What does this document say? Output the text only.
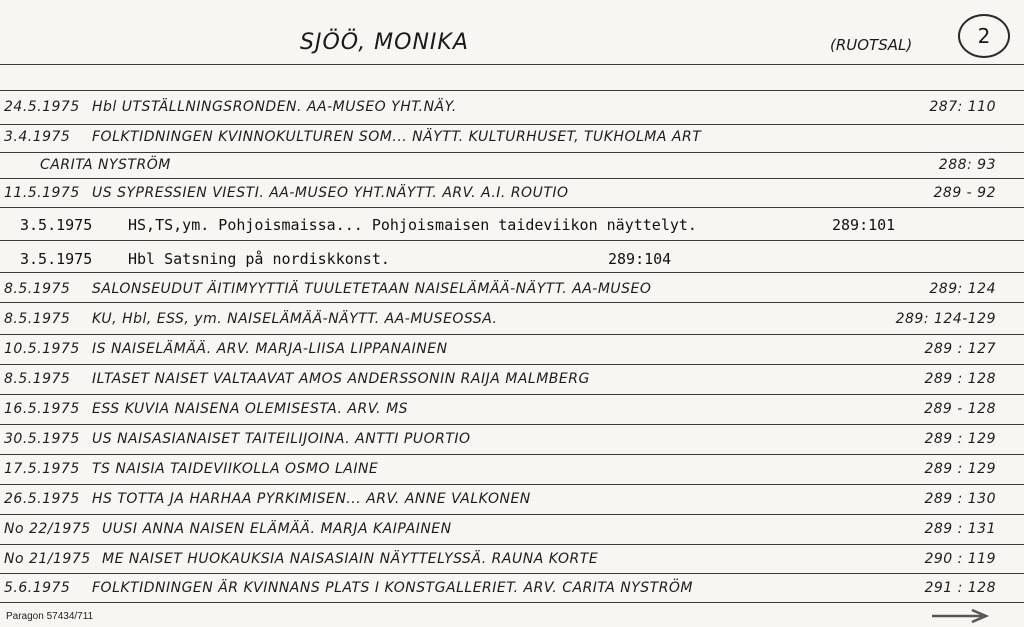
SJÖÖ, MONIKA	(RUOTSAL)	2
24.5.1975 Hbl UTSTÄLLNINGSRONDEN. AA-MUSEO YHT.NÄY.	287: 110
3.4.1975 FOLKTIDNINGEN KVINNOKULTUREN SOM... NÄYTT. KULTURHUSET, TUKHOLMA ART
CARITA NYSTRÖM	288: 93
11.5.1975 US SYPRESSIEN VIESTI. AA-MUSEO YHT.NÄYTT. ARV. A.I. ROUTIO	289 - 92
3.5.1975 HS,TS,ym. Pohjoismaissa... Pohjoismaisen taideviikon näyttelyt.	289:101
3.5.1975 Hbl Satsning på nordiskkonst.	289:104
8.5.1975 SALONSEUDUT ÄITIMYYTTIÄ TUULETETAAN NAISELÄMÄÄ-NÄYTT. AA-MUSEO	289: 124
8.5.1975 KU, Hbl, ESS, ym. NAISELÄMÄÄ-NÄYTT. AA-MUSEOSSA.	289: 124-129
10.5.1975 IS NAISELÄMÄÄ. ARV. MARJA-LIISA LIPPANAINEN	289 : 127
8.5.1975 ILTASET NAISET VALTAAVAT AMOS ANDERSSONIN RAIJA MALMBERG	289 : 128
16.5.1975 ESS KUVIA NAISENA OLEMISESTA. ARV. MS	289 - 128
30.5.1975 US NAISASIANAISET TAITEILIJOINA. ANTTI PUORTIO	289 : 129
17.5.1975 TS NAISIA TAIDEVIIKOLLA OSMO LAINE	289 : 129
26.5.1975 HS TOTTA JA HARHAA PYRKIMISEN... ARV. ANNE VALKONEN	289 : 130
No 22/1975 UUSI ANNA NAISEN ELÄMÄÄ. MARJA KAIPAINEN	289 : 131
No 21/1975 ME NAISET HUOKAUKSIA NAISASIAIN NÄYTTELYSSÄ. RAUNA KORTE	290 : 119
5.6.1975 FOLKTIDNINGEN ÄR KVINNANS PLATS I KONSTGALLERIET. ARV. CARITA NYSTRÖM	291 : 128
Paragon 57434/711
